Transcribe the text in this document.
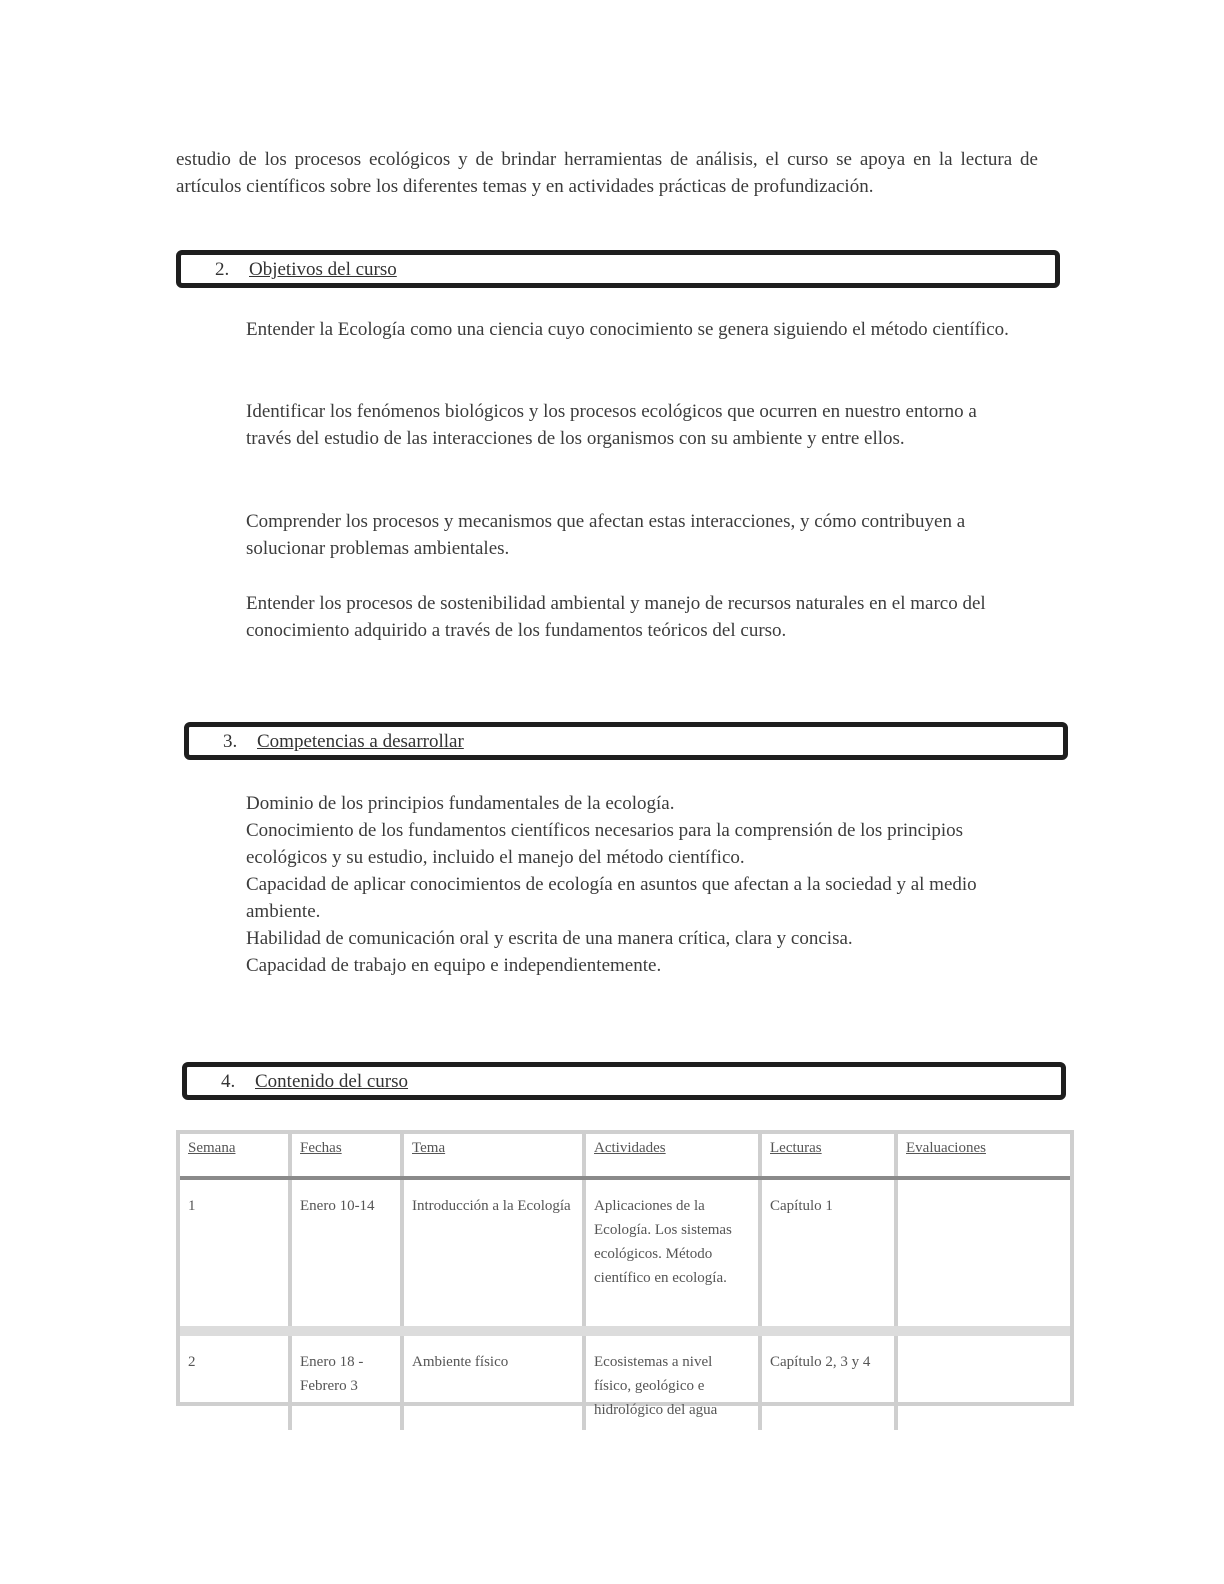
estudio de los procesos ecológicos y de brindar herramientas de análisis, el curso se apoya en la lectura de artículos científicos sobre los diferentes temas y en actividades prácticas de profundización.

2. Objetivos del curso

Entender la Ecología como una ciencia cuyo conocimiento se genera siguiendo el método científico.

Identificar los fenómenos biológicos y los procesos ecológicos que ocurren en nuestro entorno a través del estudio de las interacciones de los organismos con su ambiente y entre ellos.

Comprender los procesos y mecanismos que afectan estas interacciones, y cómo contribuyen a solucionar problemas ambientales.

Entender los procesos de sostenibilidad ambiental y manejo de recursos naturales en el marco del conocimiento adquirido a través de los fundamentos teóricos del curso.

3. Competencias a desarrollar
Dominio de los principios fundamentales de la ecología.
Conocimiento de los fundamentos científicos necesarios para la comprensión de los principios ecológicos y su estudio, incluido el manejo del método científico.
Capacidad de aplicar conocimientos de ecología en asuntos que afectan a la sociedad y al medio ambiente.
Habilidad de comunicación oral y escrita de una manera crítica, clara y concisa.
Capacidad de trabajo en equipo e independientemente.
4. Contenido del curso
Semana	Fechas	Tema	Actividades	Lecturas	Evaluaciones
1	Enero 10-14	Introducción a la Ecología	Aplicaciones de la Ecología. Los sistemas ecológicos. Método científico en ecología.	Capítulo 1	
2	Enero 18 - Febrero 3	Ambiente físico	Ecosistemas a nivel físico, geológico e hidrológico del agua	Capítulo 2, 3 y 4	
